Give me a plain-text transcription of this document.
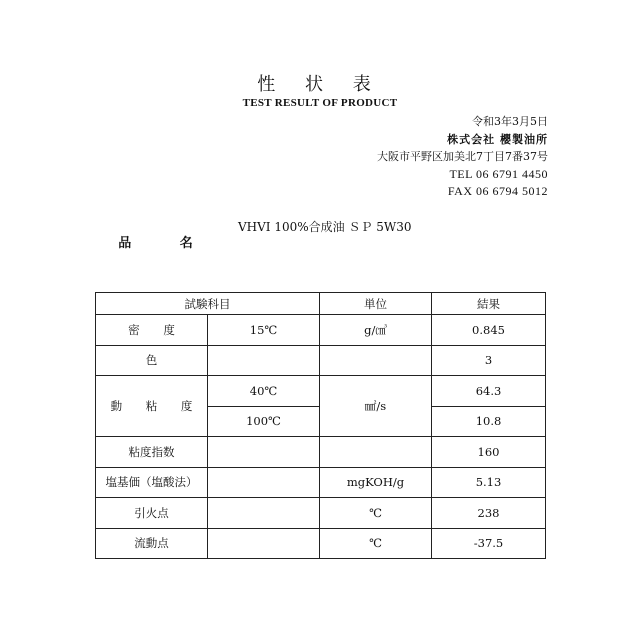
性 状 表
TEST RESULT OF PRODUCT
令和3年3月5日
株式会社 櫻製油所
大阪市平野区加美北7丁目7番37号
TEL 06 6791 4450
FAX 06 6794 5012

品 名

VHVI 100%合成油 ＳＰ 5W30

試験科目		単位	結果
密 度	15℃	g/㎤	0.845
色			3
動 粘 度	40℃	㎟/s	64.3
	100℃		10.8
粘度指数			160
塩基価（塩酸法）		mgKOH/g	5.13
引火点		℃	238
流動点		℃	-37.5
